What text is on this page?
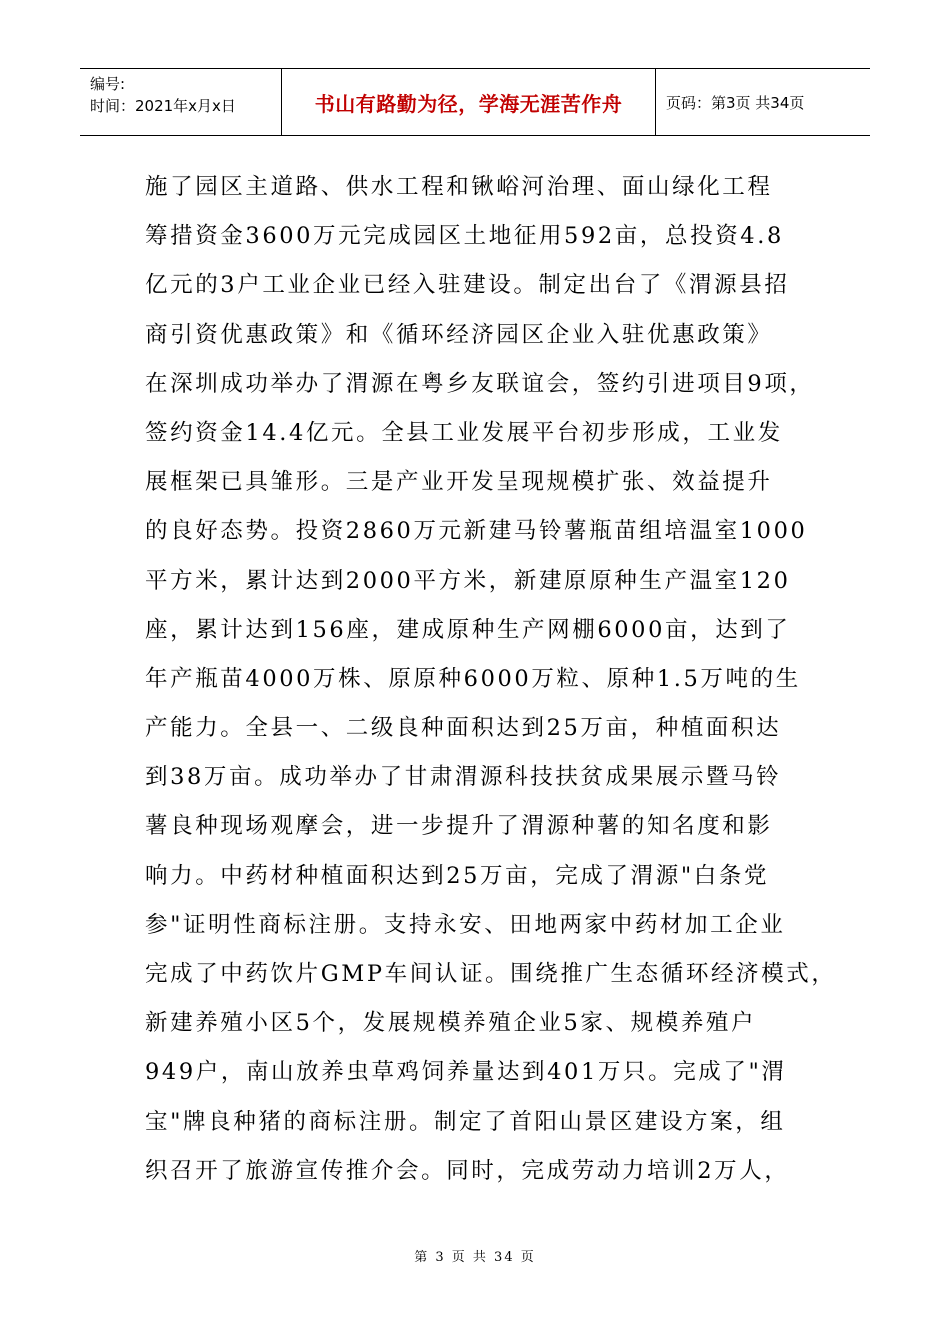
编号:
时间：2021年x月x日	书山有路勤为径，学海无涯苦作舟	页码：第3页 共34页
施了园区主道路、供水工程和锹峪河治理、面山绿化工程
筹措资金3600万元完成园区土地征用592亩，总投资4.8
亿元的3户工业企业已经入驻建设。制定出台了《渭源县招
商引资优惠政策》和《循环经济园区企业入驻优惠政策》
在深圳成功举办了渭源在粤乡友联谊会，签约引进项目9项，
签约资金14.4亿元。全县工业发展平台初步形成，工业发
展框架已具雏形。三是产业开发呈现规模扩张、效益提升
的良好态势。投资2860万元新建马铃薯瓶苗组培温室1000
平方米，累计达到2000平方米，新建原原种生产温室120
座，累计达到156座，建成原种生产网棚6000亩，达到了
年产瓶苗4000万株、原原种6000万粒、原种1.5万吨的生
产能力。全县一、二级良种面积达到25万亩，种植面积达
到38万亩。成功举办了甘肃渭源科技扶贫成果展示暨马铃
薯良种现场观摩会，进一步提升了渭源种薯的知名度和影
响力。中药材种植面积达到25万亩，完成了渭源"白条党
参"证明性商标注册。支持永安、田地两家中药材加工企业
完成了中药饮片GMP车间认证。围绕推广生态循环经济模式，
新建养殖小区5个，发展规模养殖企业5家、规模养殖户
949户，南山放养虫草鸡饲养量达到401万只。完成了"渭
宝"牌良种猪的商标注册。制定了首阳山景区建设方案，组
织召开了旅游宣传推介会。同时，完成劳动力培训2万人，
第 3 页 共 34 页
